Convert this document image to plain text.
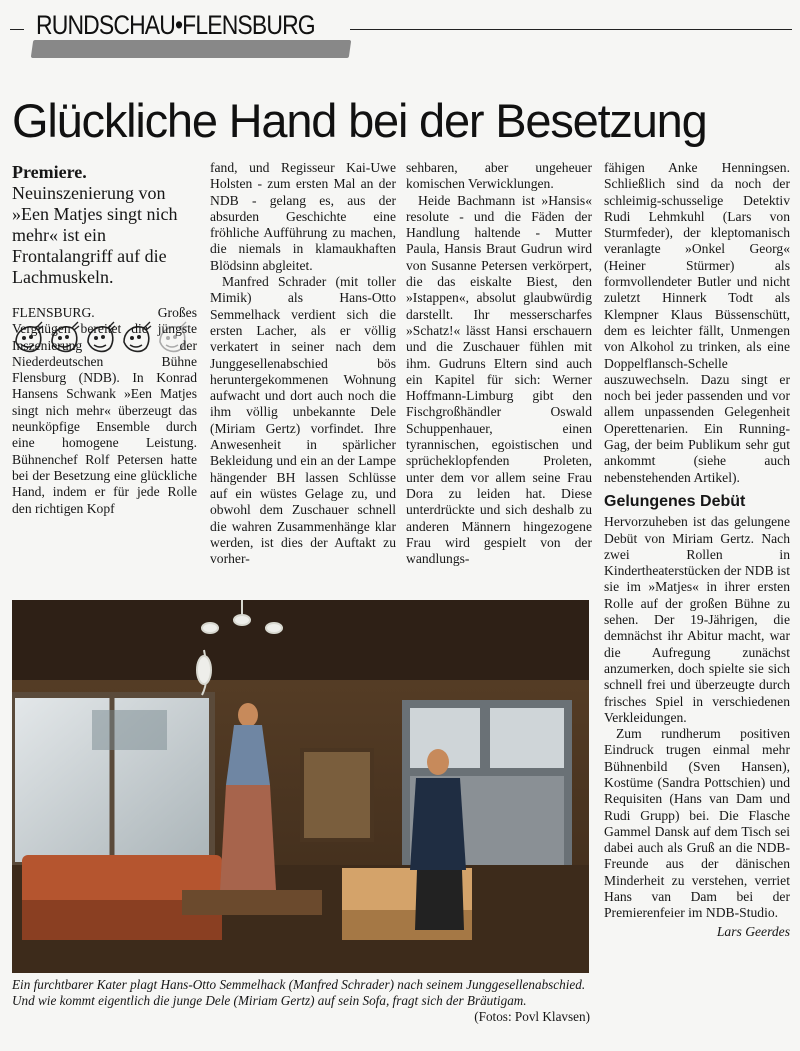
RUNDSCHAU•FLENSBURG
Glückliche Hand bei der Besetzung
Premiere. Neuinszenierung von »Een Matjes singt nich mehr« ist ein Frontalangriff auf die Lachmuskeln.

FLENSBURG. Großes Vergnügen bereitet die jüngste Inszenierung der Niederdeutschen Bühne Flensburg (NDB). In Konrad Hansens Schwank »Een Matjes singt nich mehr« überzeugt das neunköpfige Ensemble durch eine homogene Leistung. Bühnenchef Rolf Petersen hatte bei der Besetzung eine glückliche Hand, indem er für jede Rolle den richtigen Kopf

fand, und Regisseur Kai-Uwe Holsten - zum ersten Mal an der NDB - gelang es, aus der absurden Geschichte eine fröhliche Aufführung zu machen, die niemals in klamaukhaften Blödsinn abgleitet.

Manfred Schrader (mit toller Mimik) als Hans-Otto Semmelhack verdient sich die ersten Lacher, als er völlig verkatert in seiner nach dem Junggesellenabschied bös heruntergekommenen Wohnung aufwacht und dort auch noch die ihm völlig unbekannte Dele (Miriam Gertz) vorfindet. Ihre Anwesenheit in spärlicher Bekleidung und ein an der Lampe hängender BH lassen Schlüsse auf ein wüstes Gelage zu, und obwohl dem Zuschauer schnell die wahren Zusammenhänge klar werden, ist dies der Auftakt zu vorher-

sehbaren, aber ungeheuer komischen Verwicklungen.

Heide Bachmann ist »Hansis« resolute - und die Fäden der Handlung haltende - Mutter Paula, Hansis Braut Gudrun wird von Susanne Petersen verkörpert, die das eiskalte Biest, den »Istappen«, absolut glaubwürdig darstellt. Ihr messerscharfes »Schatz!« lässt Hansi erschauern und die Zuschauer fühlen mit ihm. Gudruns Eltern sind auch ein Kapitel für sich: Werner Hoffmann-Limburg gibt den Fischgroßhändler Oswald Schuppenhauer, einen tyrannischen, egoistischen und sprücheklopfenden Proleten, unter dem vor allem seine Frau Dora zu leiden hat. Diese unterdrückte und sich deshalb zu anderen Männern hingezogene Frau wird gespielt von der wandlungs-

fähigen Anke Henningsen. Schließlich sind da noch der schleimig-schusselige Detektiv Rudi Lehmkuhl (Lars von Sturmfeder), der kleptomanisch veranlagte »Onkel Georg« (Heiner Stürmer) als formvollendeter Butler und nicht zuletzt Hinnerk Todt als Klempner Klaus Büssenschütt, dem es leichter fällt, Unmengen von Alkohol zu trinken, als eine Doppelflansch-Schelle auszuwechseln. Dazu singt er noch bei jeder passenden und vor allem unpassenden Gelegenheit Operettenarien. Ein Running-Gag, der beim Publikum sehr gut ankommt (siehe auch nebenstehenden Artikel).

Gelungenes Debüt

Hervorzuheben ist das gelungene Debüt von Miriam Gertz. Nach zwei Rollen in Kindertheaterstücken der NDB ist sie im »Matjes« in ihrer ersten Rolle auf der großen Bühne zu sehen. Der 19-Jährigen, die demnächst ihr Abitur macht, war die Aufregung zunächst anzumerken, doch spielte sie sich schnell frei und überzeugte durch frisches Spiel in verschiedenen Verkleidungen.

Zum rundherum positiven Eindruck trugen einmal mehr Bühnenbild (Sven Hansen), Kostüme (Sandra Pottschien) und Requisiten (Hans van Dam und Rudi Grupp) bei. Die Flasche Gammel Dansk auf dem Tisch sei dabei auch als Gruß an die NDB-Freunde aus der dänischen Minderheit zu verstehen, verriet Hans van Dam bei der Premierenfeier im NDB-Studio.

Lars Geerdes
Ein furchtbarer Kater plagt Hans-Otto Semmelhack (Manfred Schrader) nach seinem Junggesellenabschied. Und wie kommt eigentlich die junge Dele (Miriam Gertz) auf sein Sofa, fragt sich der Bräutigam.
(Fotos: Povl Klavsen)
